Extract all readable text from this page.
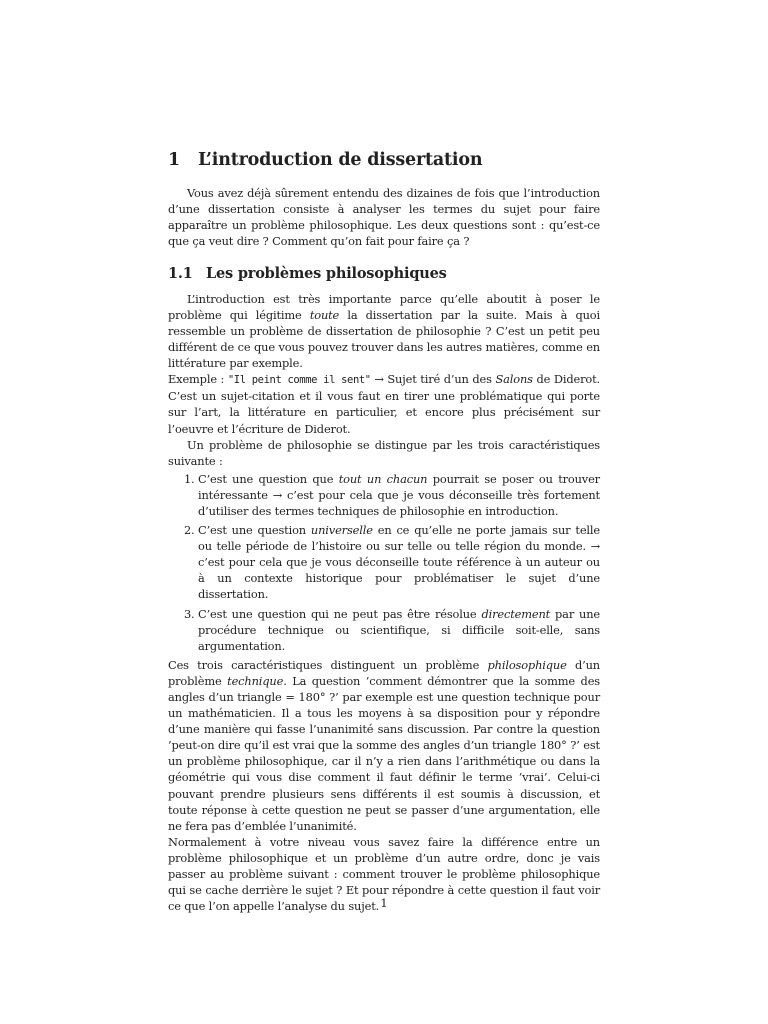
1 L’introduction de dissertation

Vous avez déjà sûrement entendu des dizaines de fois que l’introduction d’une dissertation consiste à analyser les termes du sujet pour faire apparaître un problème philosophique. Les deux questions sont : qu’est-ce que ça veut dire ? Comment qu’on fait pour faire ça ?

1.1 Les problèmes philosophiques

L’introduction est très importante parce qu’elle aboutit à poser le problème qui légitime toute la dissertation par la suite. Mais à quoi ressemble un problème de dissertation de philosophie ? C’est un petit peu différent de ce que vous pouvez trouver dans les autres matières, comme en littérature par exemple.

Exemple : "Il peint comme il sent" → Sujet tiré d’un des Salons de Diderot. C’est un sujet-citation et il vous faut en tirer une problématique qui porte sur l’art, la littérature en particulier, et encore plus précisément sur l’oeuvre et l’écriture de Diderot.

Un problème de philosophie se distingue par les trois caractéristiques suivante :

1. C’est une question que tout un chacun pourrait se poser ou trouver intéressante → c’est pour cela que je vous déconseille très fortement d’utiliser des termes techniques de philosophie en introduction.
2. C’est une question universelle en ce qu’elle ne porte jamais sur telle ou telle période de l’histoire ou sur telle ou telle région du monde. → c’est pour cela que je vous déconseille toute référence à un auteur ou à un contexte historique pour problématiser le sujet d’une dissertation.
3. C’est une question qui ne peut pas être résolue directement par une procédure technique ou scientifique, si difficile soit-elle, sans argumentation.

Ces trois caractéristiques distinguent un problème philosophique d’un problème technique. La question ’comment démontrer que la somme des angles d’un triangle = 180° ?’ par exemple est une question technique pour un mathématicien. Il a tous les moyens à sa disposition pour y répondre d’une manière qui fasse l’unanimité sans discussion. Par contre la question ’peut-on dire qu’il est vrai que la somme des angles d’un triangle 180° ?’ est un problème philosophique, car il n’y a rien dans l’arithmétique ou dans la géométrie qui vous dise comment il faut définir le terme ’vrai’. Celui-ci pouvant prendre plusieurs sens différents il est soumis à discussion, et toute réponse à cette question ne peut se passer d’une argumentation, elle ne fera pas d’emblée l’unanimité.

Normalement à votre niveau vous savez faire la différence entre un problème philosophique et un problème d’un autre ordre, donc je vais passer au problème suivant : comment trouver le problème philosophique qui se cache derrière le sujet ? Et pour répondre à cette question il faut voir ce que l’on appelle l’analyse du sujet. 1
